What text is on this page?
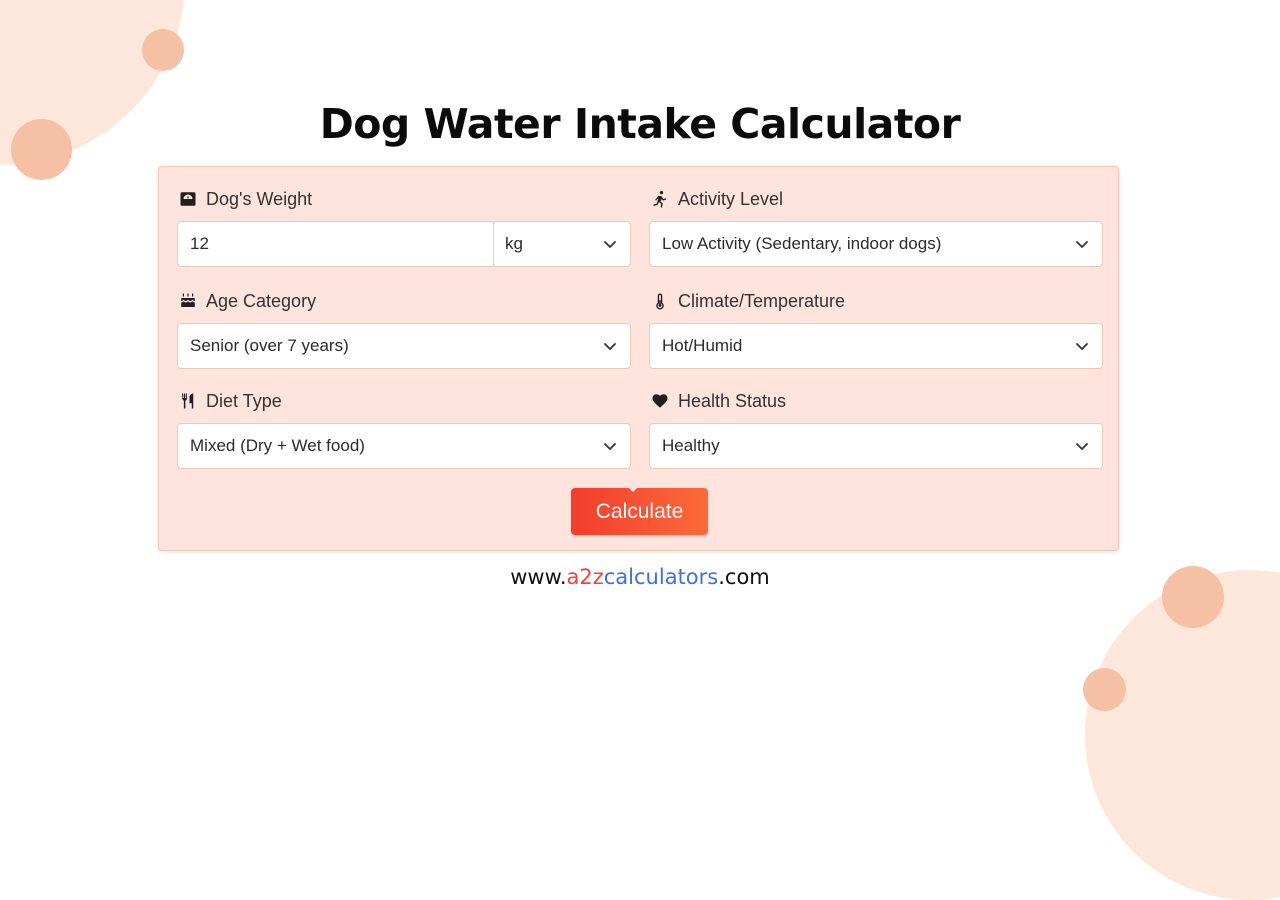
Dog Water Intake Calculator
Dog's Weight
12	kg
Activity Level
Low Activity (Sedentary, indoor dogs)
Age Category
Senior (over 7 years)
Climate/Temperature
Hot/Humid
Diet Type
Mixed (Dry + Wet food)
Health Status
Healthy
Calculate
www.a2zcalculators.com
